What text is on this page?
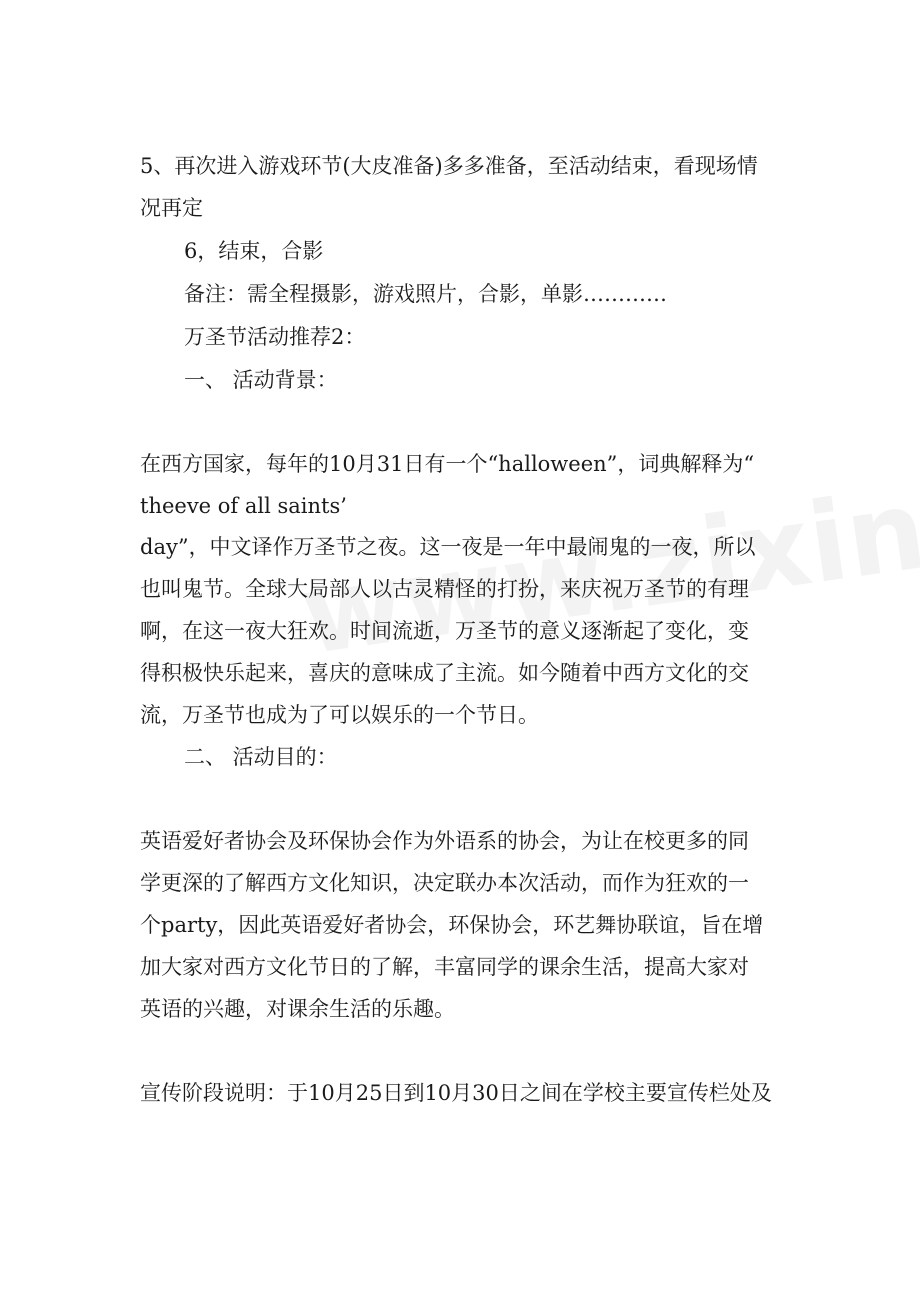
5、再次进入游戏环节(大皮准备)多多准备，至活动结束，看现场情
况再定
6，结束，合影
备注：需全程摄影，游戏照片，合影，单影…………
万圣节活动推荐2：
一、 活动背景：
在西方国家，每年的10月31日有一个“halloween”，词典解释为“
theeve of all saints’
day”，中文译作万圣节之夜。这一夜是一年中最闹鬼的一夜，所以
也叫鬼节。全球大局部人以古灵精怪的打扮，来庆祝万圣节的有理
啊，在这一夜大狂欢。时间流逝，万圣节的意义逐渐起了变化，变
得积极快乐起来，喜庆的意味成了主流。如今随着中西方文化的交
流，万圣节也成为了可以娱乐的一个节日。
二、 活动目的：
英语爱好者协会及环保协会作为外语系的协会，为让在校更多的同
学更深的了解西方文化知识，决定联办本次活动，而作为狂欢的一
个party，因此英语爱好者协会，环保协会，环艺舞协联谊，旨在增
加大家对西方文化节日的了解，丰富同学的课余生活，提高大家对
英语的兴趣，对课余生活的乐趣。
宣传阶段说明：于10月25日到10月30日之间在学校主要宣传栏处及
